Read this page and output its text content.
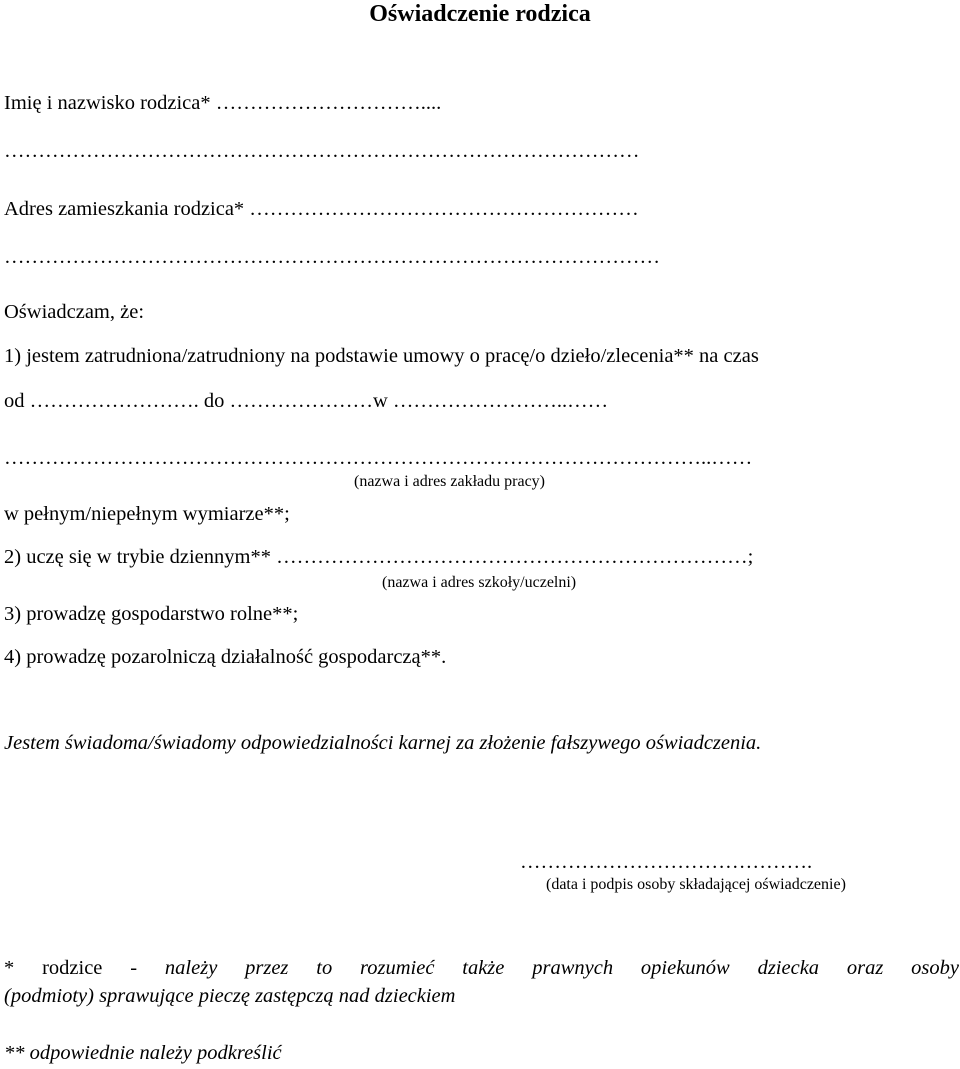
Oświadczenie rodzica
Imię i nazwisko rodzica* …………………………....
…………………………………………………………………………………
Adres zamieszkania rodzica* …………………………………………………
……………………………………………………………………………………
Oświadczam, że:
1) jestem zatrudniona/zatrudniony na podstawie umowy o pracę/o dzieło/zlecenia** na czas
od ……………………. do …………………w ……………………..……
…………………………………………………………………………………………..……
(nazwa i adres zakładu pracy)
w pełnym/niepełnym wymiarze**;
2) uczę się w trybie dziennym** ……………………………………………………………;
(nazwa i adres szkoły/uczelni)
3) prowadzę gospodarstwo rolne**;
4) prowadzę pozarolniczą działalność gospodarczą**.
Jestem świadoma/świadomy odpowiedzialności karnej za złożenie fałszywego oświadczenia.
…………………………………….
(data i podpis osoby składającej oświadczenie)
* rodzice - należy przez to rozumieć także prawnych opiekunów dziecka oraz osoby
(podmioty) sprawujące pieczę zastępczą nad dzieckiem
** odpowiednie należy podkreślić
